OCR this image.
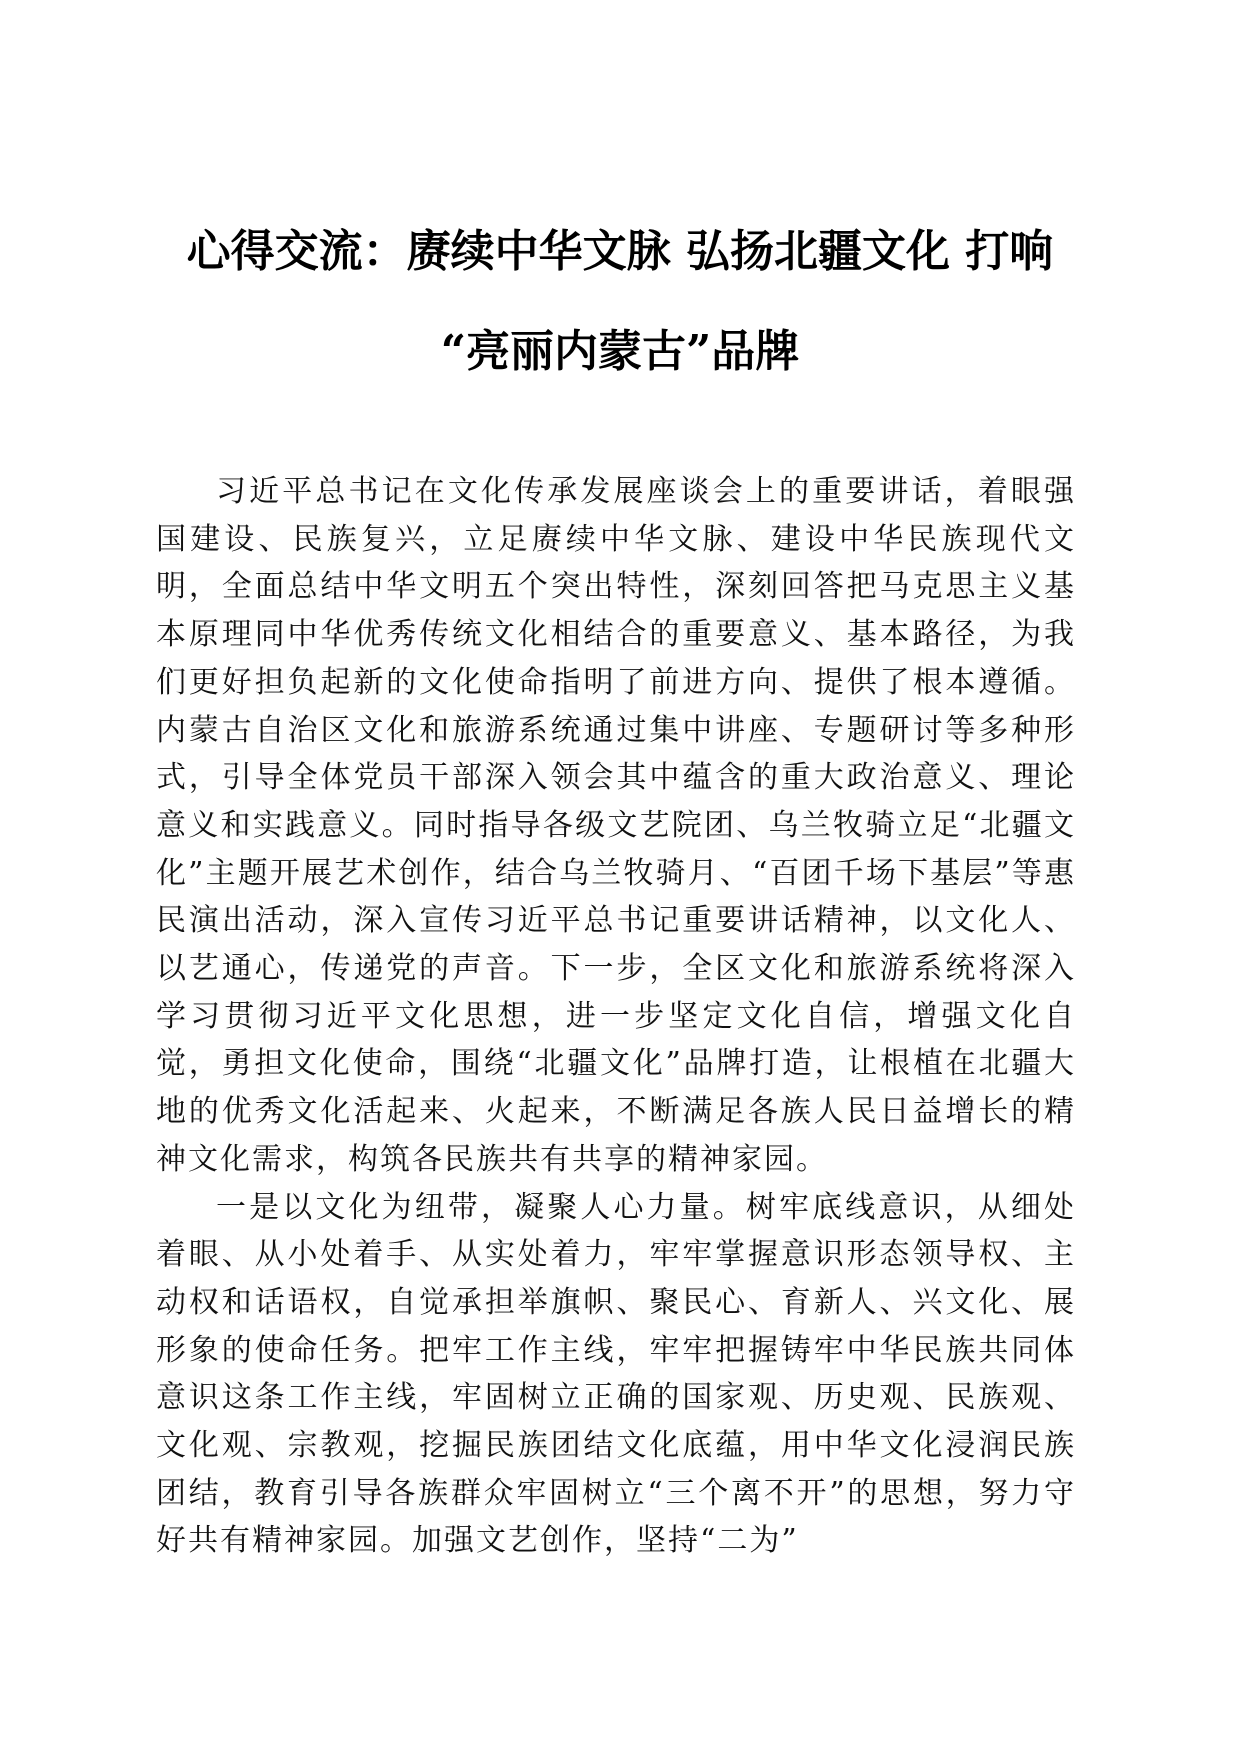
心得交流：赓续中华文脉 弘扬北疆文化 打响
“亮丽内蒙古”品牌

习近平总书记在文化传承发展座谈会上的重要讲话，着眼强国建设、民族复兴，立足赓续中华文脉、建设中华民族现代文明，全面总结中华文明五个突出特性，深刻回答把马克思主义基本原理同中华优秀传统文化相结合的重要意义、基本路径，为我们更好担负起新的文化使命指明了前进方向、提供了根本遵循。内蒙古自治区文化和旅游系统通过集中讲座、专题研讨等多种形式，引导全体党员干部深入领会其中蕴含的重大政治意义、理论意义和实践意义。同时指导各级文艺院团、乌兰牧骑立足“北疆文化”主题开展艺术创作，结合乌兰牧骑月、“百团千场下基层”等惠民演出活动，深入宣传习近平总书记重要讲话精神，以文化人、以艺通心，传递党的声音。下一步，全区文化和旅游系统将深入学习贯彻习近平文化思想，进一步坚定文化自信，增强文化自觉，勇担文化使命，围绕“北疆文化”品牌打造，让根植在北疆大地的优秀文化活起来、火起来，不断满足各族人民日益增长的精神文化需求，构筑各民族共有共享的精神家园。

一是以文化为纽带，凝聚人心力量。树牢底线意识，从细处着眼、从小处着手、从实处着力，牢牢掌握意识形态领导权、主动权和话语权，自觉承担举旗帜、聚民心、育新人、兴文化、展形象的使命任务。把牢工作主线，牢牢把握铸牢中华民族共同体意识这条工作主线，牢固树立正确的国家观、历史观、民族观、文化观、宗教观，挖掘民族团结文化底蕴，用中华文化浸润民族团结，教育引导各族群众牢固树立“三个离不开”的思想，努力守好共有精神家园。加强文艺创作，坚持“二为”
